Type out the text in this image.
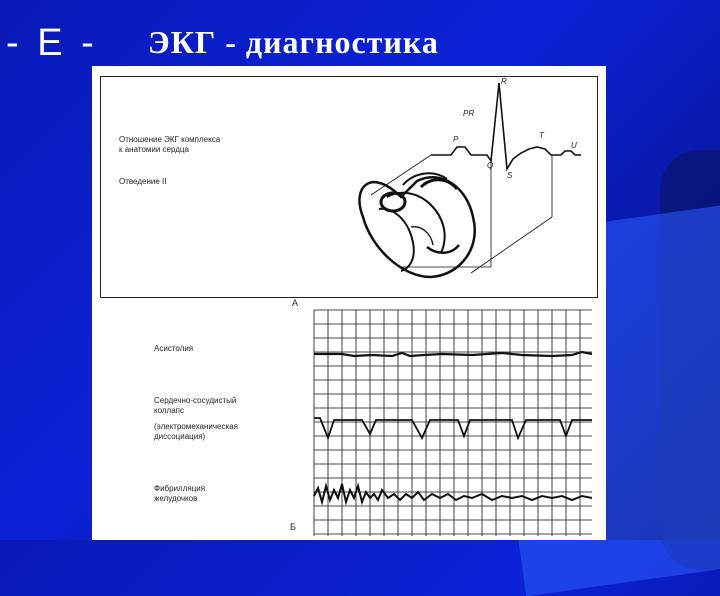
- Е - ЭКГ - диагностика
Отношение ЭКГ комплекса
к анатомии сердца
Отведение II
R
PR
P
Q
S
T
U
A
Б
Асистолия
Сердечно-сосудистый
коллапс
(электромеханическая
диссоциация)
Фибрилляция
желудочков
